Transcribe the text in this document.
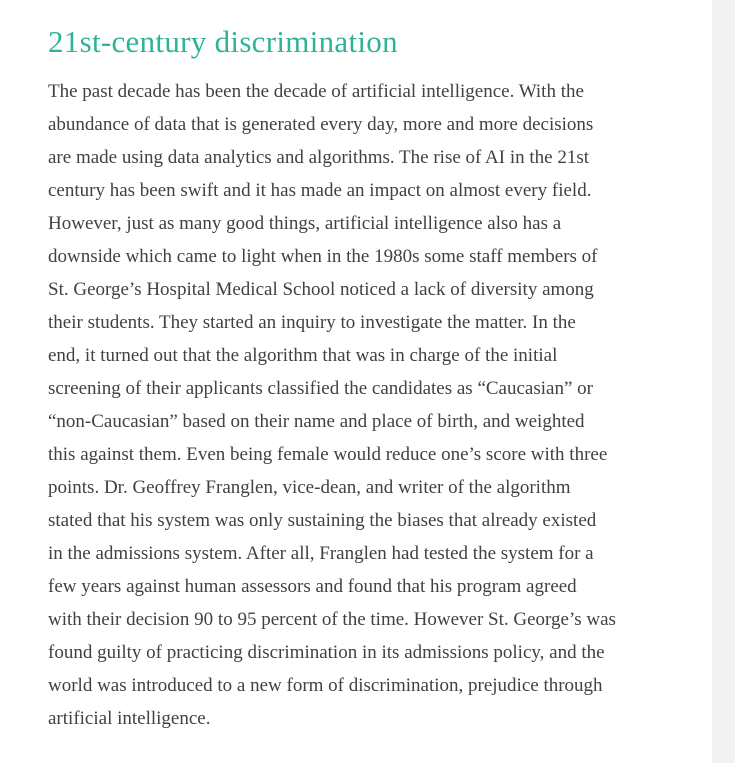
21st-century discrimination
The past decade has been the decade of artificial intelligence. With the
abundance of data that is generated every day, more and more decisions
are made using data analytics and algorithms. The rise of AI in the 21st
century has been swift and it has made an impact on almost every field.
However, just as many good things, artificial intelligence also has a
downside which came to light when in the 1980s some staff members of
St. George’s Hospital Medical School noticed a lack of diversity among
their students. They started an inquiry to investigate the matter. In the
end, it turned out that the algorithm that was in charge of the initial
screening of their applicants classified the candidates as “Caucasian” or
“non-Caucasian” based on their name and place of birth, and weighted
this against them. Even being female would reduce one’s score with three
points. Dr. Geoffrey Franglen, vice-dean, and writer of the algorithm
stated that his system was only sustaining the biases that already existed
in the admissions system. After all, Franglen had tested the system for a
few years against human assessors and found that his program agreed
with their decision 90 to 95 percent of the time. However St. George’s was
found guilty of practicing discrimination in its admissions policy, and the
world was introduced to a new form of discrimination, prejudice through
artificial intelligence.
